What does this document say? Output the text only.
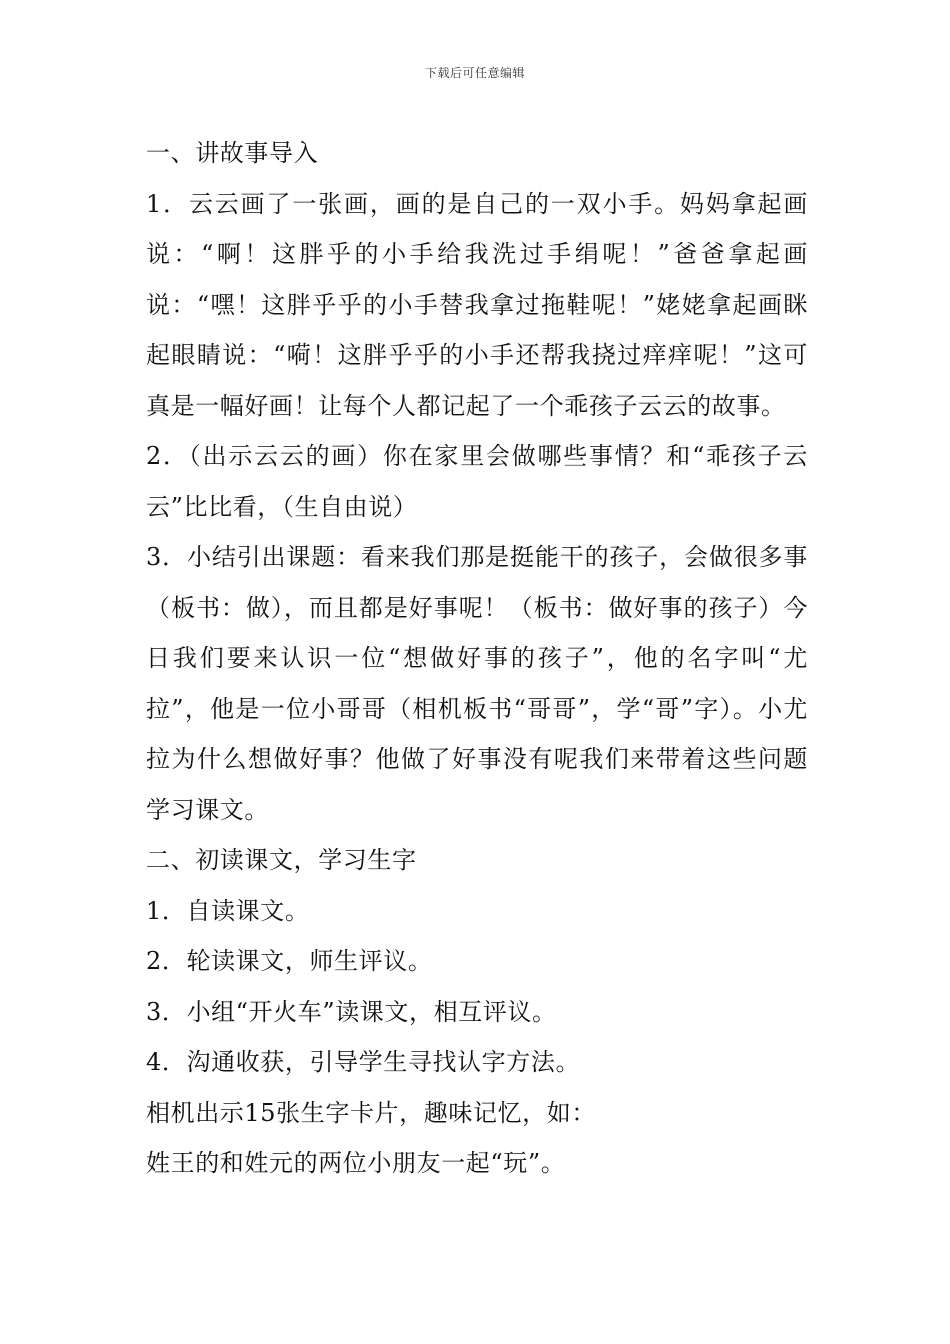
下载后可任意编辑

一、讲故事导入

1．云云画了一张画，画的是自己的一双小手。妈妈拿起画说：“啊！这胖乎的小手给我洗过手绢呢！”爸爸拿起画说：“嘿！这胖乎乎的小手替我拿过拖鞋呢！”姥姥拿起画眯起眼睛说：“嗬！这胖乎乎的小手还帮我挠过痒痒呢！”这可真是一幅好画！让每个人都记起了一个乖孩子云云的故事。

2．（出示云云的画）你在家里会做哪些事情？和“乖孩子云云”比比看，（生自由说）

3．小结引出课题：看来我们那是挺能干的孩子，会做很多事（板书：做），而且都是好事呢！（板书：做好事的孩子）今日我们要来认识一位“想做好事的孩子”，他的名字叫“尤拉”，他是一位小哥哥（相机板书“哥哥”，学“哥”字）。小尤拉为什么想做好事？他做了好事没有呢我们来带着这些问题学习课文。

二、初读课文，学习生字

1．自读课文。

2．轮读课文，师生评议。

3．小组“开火车”读课文，相互评议。

4．沟通收获，引导学生寻找认字方法。

相机出示15张生字卡片，趣味记忆，如：

姓王的和姓元的两位小朋友一起“玩”。
